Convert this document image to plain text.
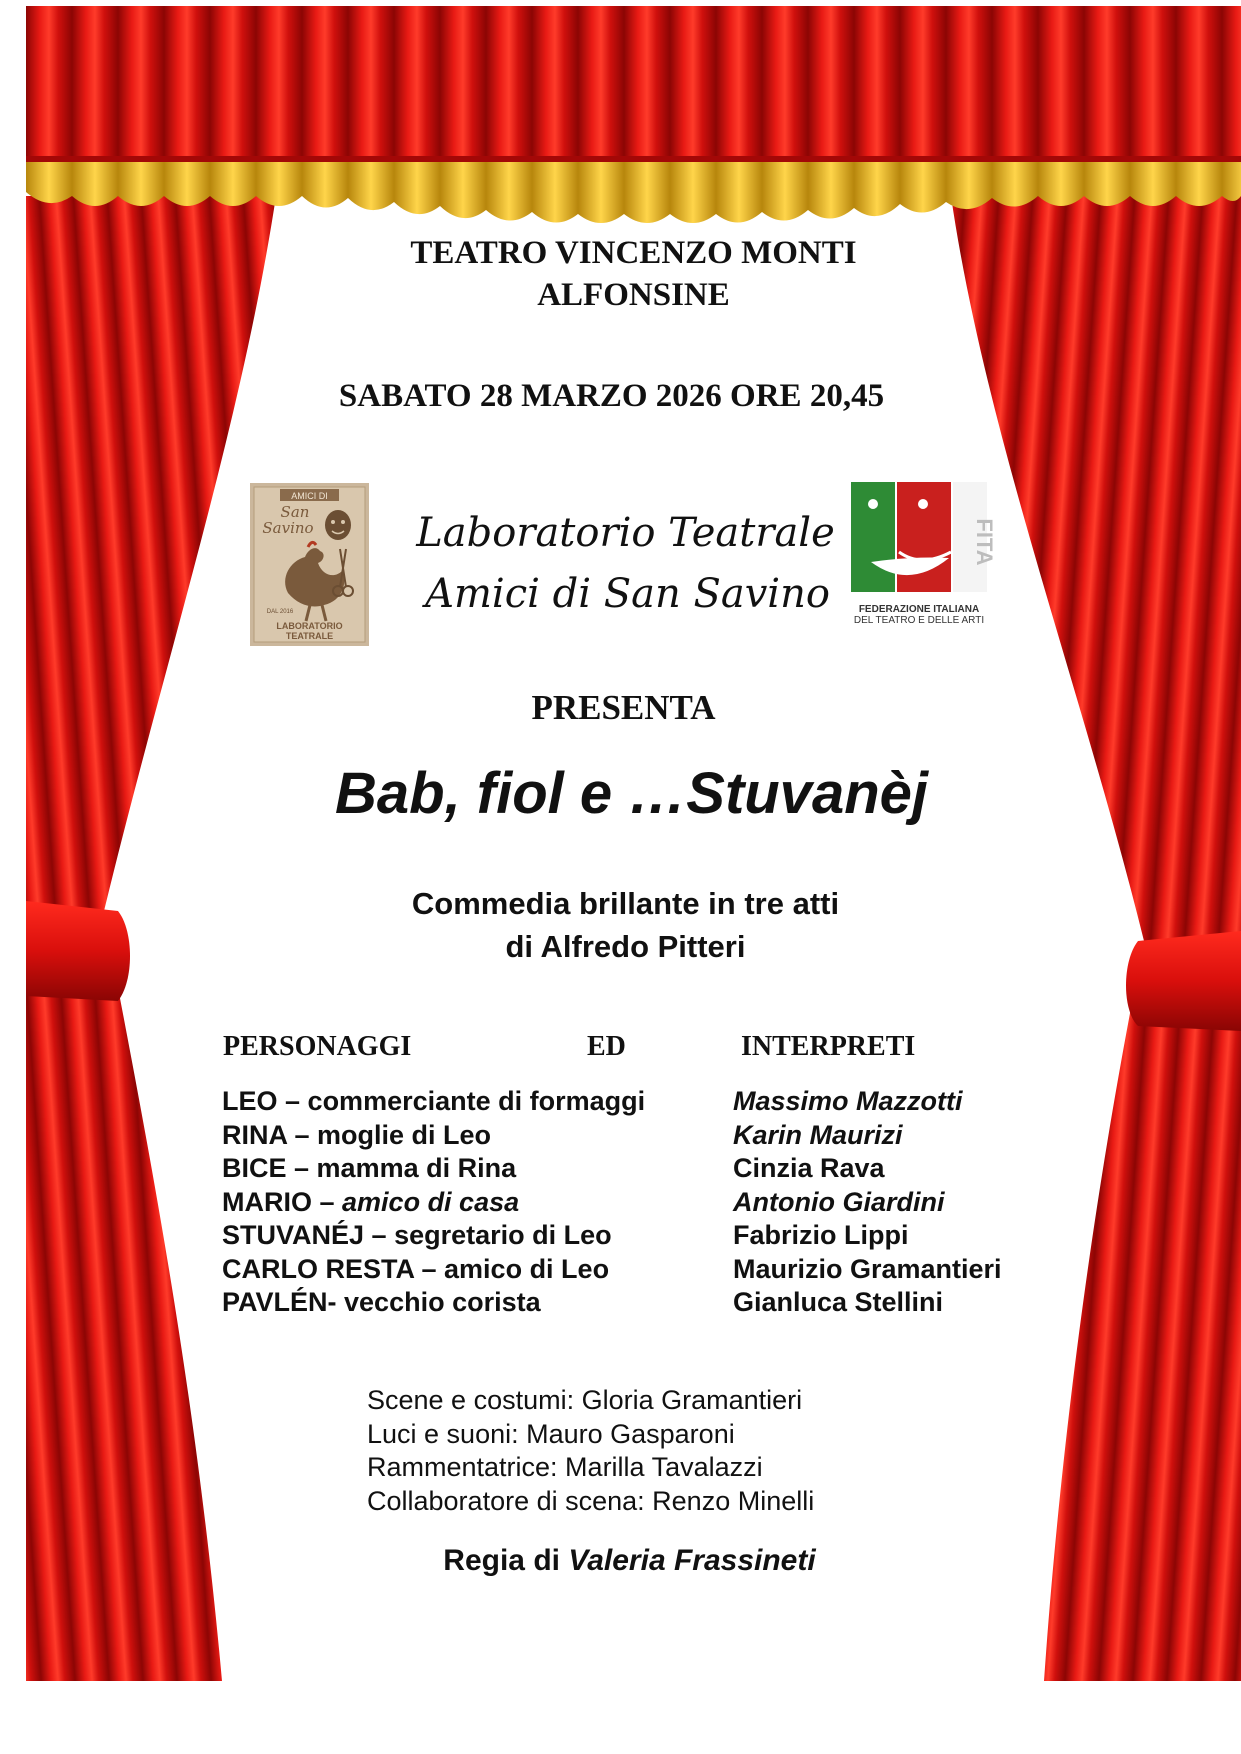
TEATRO VINCENZO MONTI

ALFONSINE

SABATO 28 MARZO 2026 ORE 20,45

AMICI DI
San
Savino
DAL 2016
LABORATORIO
TEATRALE

Laboratorio Teatrale

Amici di San Savino

FITA
FEDERAZIONE ITALIANA
DEL TEATRO E DELLE ARTI

PRESENTA

Bab, fiol e …Stuvanèj

Commedia brillante in tre atti

di Alfredo Pitteri

PERSONAGGI	ED	INTERPRETI
LEO – commerciante di formaggi	Massimo Mazzotti
RINA – moglie di Leo	Karin Maurizi
BICE – mamma di Rina	Cinzia Rava
MARIO – amico di casa	Antonio Giardini
STUVANÉJ – segretario di Leo	Fabrizio Lippi
CARLO RESTA – amico di Leo	Maurizio Gramantieri
PAVLÉN- vecchio corista	Gianluca Stellini
Scene e costumi: Gloria Gramantieri
Luci e suoni: Mauro Gasparoni
Rammentatrice: Marilla Tavalazzi
Collaboratore di scena: Renzo Minelli

Regia di Valeria Frassineti
